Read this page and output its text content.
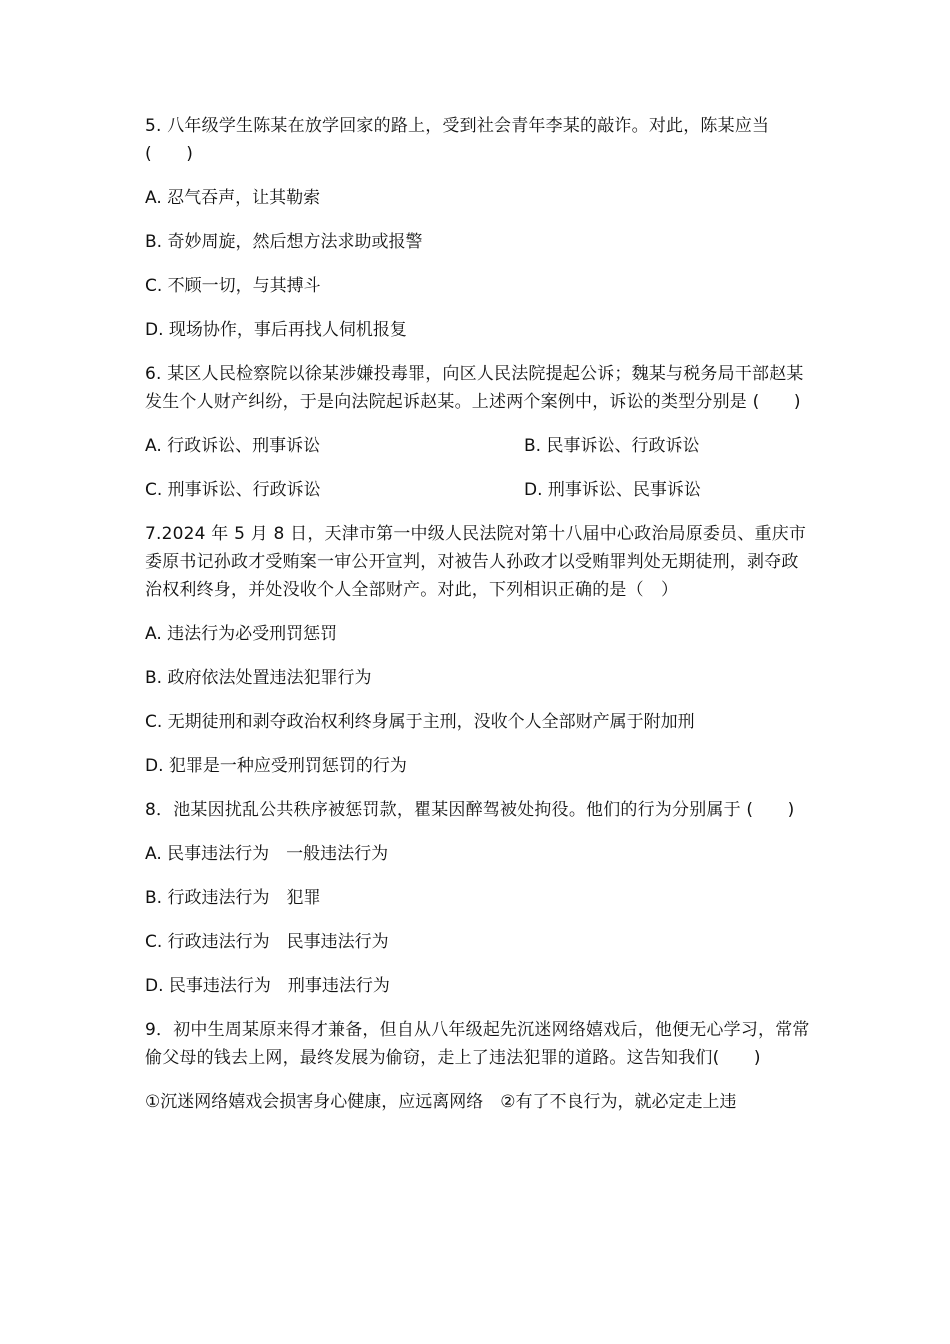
5. 八年级学生陈某在放学回家的路上，受到社会青年李某的敲诈。对此，陈某应当 (　　)
A. 忍气吞声，让其勒索
B. 奇妙周旋，然后想方法求助或报警
C. 不顾一切，与其搏斗
D. 现场协作，事后再找人伺机报复
6. 某区人民检察院以徐某涉嫌投毒罪，向区人民法院提起公诉；魏某与税务局干部赵某发生个人财产纠纷，于是向法院起诉赵某。上述两个案例中，诉讼的类型分别是 (　　)
A. 行政诉讼、刑事诉讼	B. 民事诉讼、行政诉讼
C. 刑事诉讼、行政诉讼	D. 刑事诉讼、民事诉讼
7.2024 年 5 月 8 日，天津市第一中级人民法院对第十八届中心政治局原委员、重庆市委原书记孙政才受贿案一审公开宣判，对被告人孙政才以受贿罪判处无期徒刑，剥夺政治权利终身，并处没收个人全部财产。对此，下列相识正确的是（　）
A. 违法行为必受刑罚惩罚
B. 政府依法处置违法犯罪行为
C. 无期徒刑和剥夺政治权利终身属于主刑，没收个人全部财产属于附加刑
D. 犯罪是一种应受刑罚惩罚的行为
8．池某因扰乱公共秩序被惩罚款，瞿某因醉驾被处拘役。他们的行为分别属于 (　　)
A. 民事违法行为　一般违法行为
B. 行政违法行为　犯罪
C. 行政违法行为　民事违法行为
D. 民事违法行为　刑事违法行为
9．初中生周某原来得才兼备，但自从八年级起先沉迷网络嬉戏后，他便无心学习，常常偷父母的钱去上网，最终发展为偷窃，走上了违法犯罪的道路。这告知我们(　　)
①沉迷网络嬉戏会损害身心健康，应远离网络　②有了不良行为，就必定走上违
